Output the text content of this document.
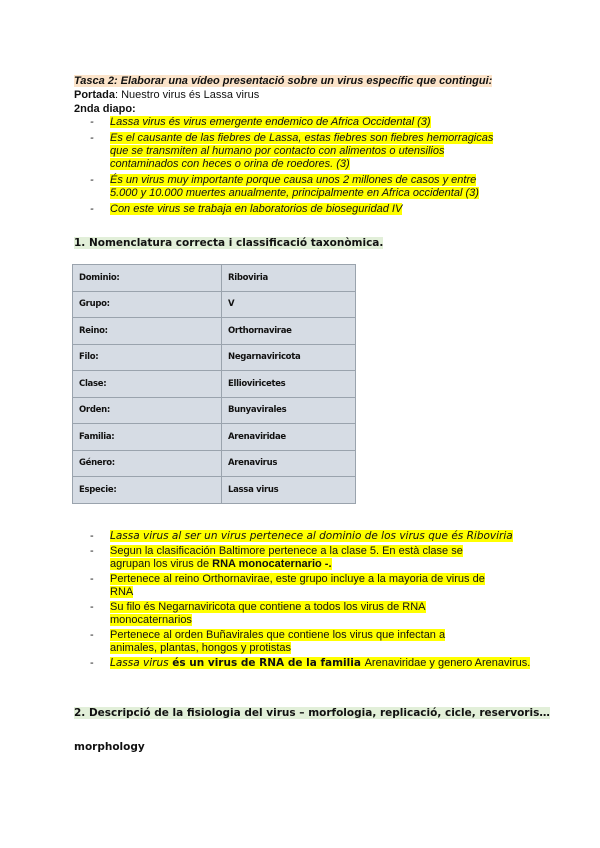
Tasca 2: Elaborar una vídeo presentació sobre un virus específic que contingui:
Portada: Nuestro virus és Lassa virus
2nda diapo:
- Lassa virus és virus emergente endemico de Africa Occidental (3)
- Es el causante de las fiebres de Lassa, estas fiebres son fiebres hemorragicas
que se transmiten al humano por contacto con alimentos o utensilios
contaminados con heces o orina de roedores. (3)
- És un virus muy importante porque causa unos 2 millones de casos y entre
5.000 y 10.000 muertes anualmente, principalmente en Africa occidental (3)
- Con este virus se trabaja en laboratorios de bioseguridad IV
1. Nomenclatura correcta i classificació taxonòmica.
Dominio:	Riboviria
Grupo:	V
Reino:	Orthornavirae
Filo:	Negarnaviricota
Clase:	Ellioviricetes
Orden:	Bunyavirales
Familia:	Arenaviridae
Género:	Arenavirus
Especie:	Lassa virus
- Lassa virus al ser un virus pertenece al dominio de los virus que és Riboviria
- Segun la clasificación Baltimore pertenece a la clase 5. En està clase se
agrupan los virus de RNA monocaternario -.
- Pertenece al reino Orthornavirae, este grupo incluye a la mayoria de virus de
RNA
- Su filo és Negarnaviricota que contiene a todos los virus de RNA
monocaternarios
- Pertenece al orden Buñavirales que contiene los virus que infectan a
animales, plantas, hongos y protistas
- Lassa virus és un virus de RNA de la familia Arenaviridae y genero Arenavirus.
2. Descripció de la fisiologia del virus – morfologia, replicació, cicle, reservoris…
morphology
